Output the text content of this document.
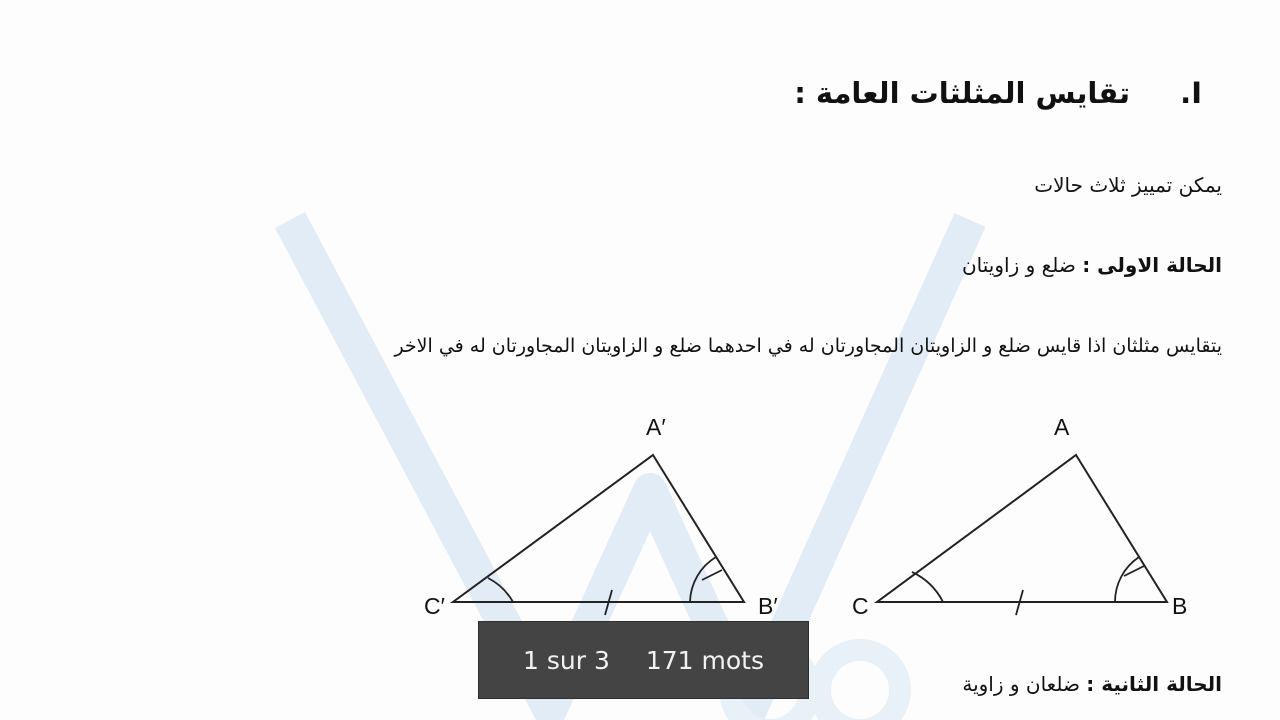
I. تقايس المثلثات العامة :
يمكن تمييز ثلاث حالات
الحالة الاولى : ضلع و زاويتان
يتقايس مثلثان اذا قايس ضلع و الزاويتان المجاورتان له في احدهما ضلع و الزاويتان المجاورتان له في الاخر
A′
C′	B′
A
C	B
الحالة الثانية : ضلعان و زاوية
1 sur 3 171 mots
